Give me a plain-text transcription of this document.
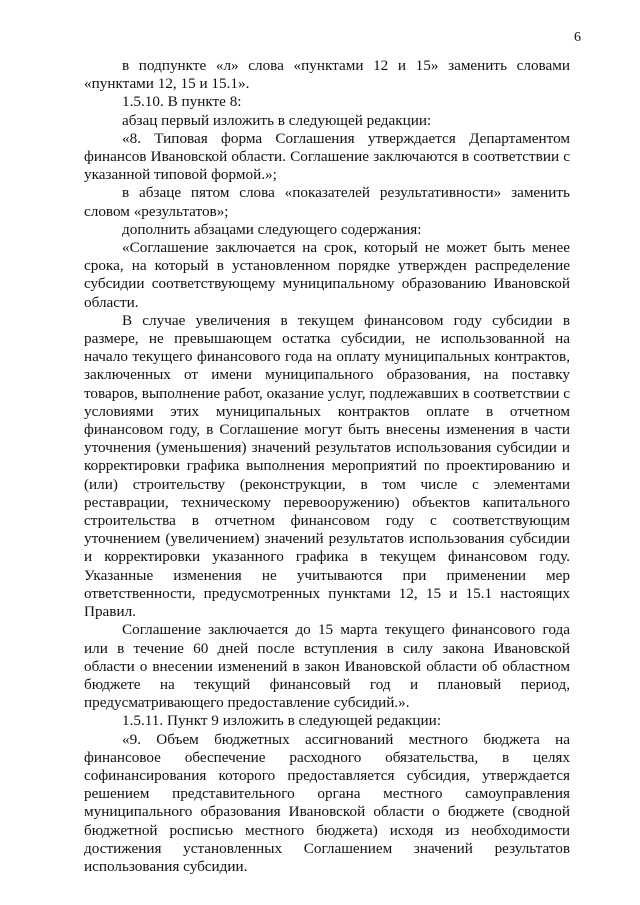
6

в подпункте «л» слова «пунктами 12 и 15» заменить словами «пунктами 12, 15 и 15.1».

1.5.10. В пункте 8:

абзац первый изложить в следующей редакции:

«8. Типовая форма Соглашения утверждается Департаментом финансов Ивановской области. Соглашение заключаются в соответствии с указанной типовой формой.»;

в абзаце пятом слова «показателей результативности» заменить словом «результатов»;

дополнить абзацами следующего содержания:

«Соглашение заключается на срок, который не может быть менее срока, на который в установленном порядке утвержден распределение субсидии соответствующему муниципальному образованию Ивановской области.

В случае увеличения в текущем финансовом году субсидии в размере, не превышающем остатка субсидии, не использованной на начало текущего финансового года на оплату муниципальных контрактов, заключенных от имени муниципального образования, на поставку товаров, выполнение работ, оказание услуг, подлежавших в соответствии с условиями этих муниципальных контрактов оплате в отчетном финансовом году, в Соглашение могут быть внесены изменения в части уточнения (уменьшения) значений результатов использования субсидии и корректировки графика выполнения мероприятий по проектированию и (или) строительству (реконструкции, в том числе с элементами реставрации, техническому перевооружению) объектов капитального строительства в отчетном финансовом году с соответствующим уточнением (увеличением) значений результатов использования субсидии и корректировки указанного графика в текущем финансовом году. Указанные изменения не учитываются при применении мер ответственности, предусмотренных пунктами 12, 15 и 15.1 настоящих Правил.

Соглашение заключается до 15 марта текущего финансового года или в течение 60 дней после вступления в силу закона Ивановской области о внесении изменений в закон Ивановской области об областном бюджете на текущий финансовый год и плановый период, предусматривающего предоставление субсидий.».

1.5.11. Пункт 9 изложить в следующей редакции:

«9. Объем бюджетных ассигнований местного бюджета на финансовое обеспечение расходного обязательства, в целях софинансирования которого предоставляется субсидия, утверждается решением представительного органа местного самоуправления муниципального образования Ивановской области о бюджете (сводной бюджетной росписью местного бюджета) исходя из необходимости достижения установленных Соглашением значений результатов использования субсидии.
